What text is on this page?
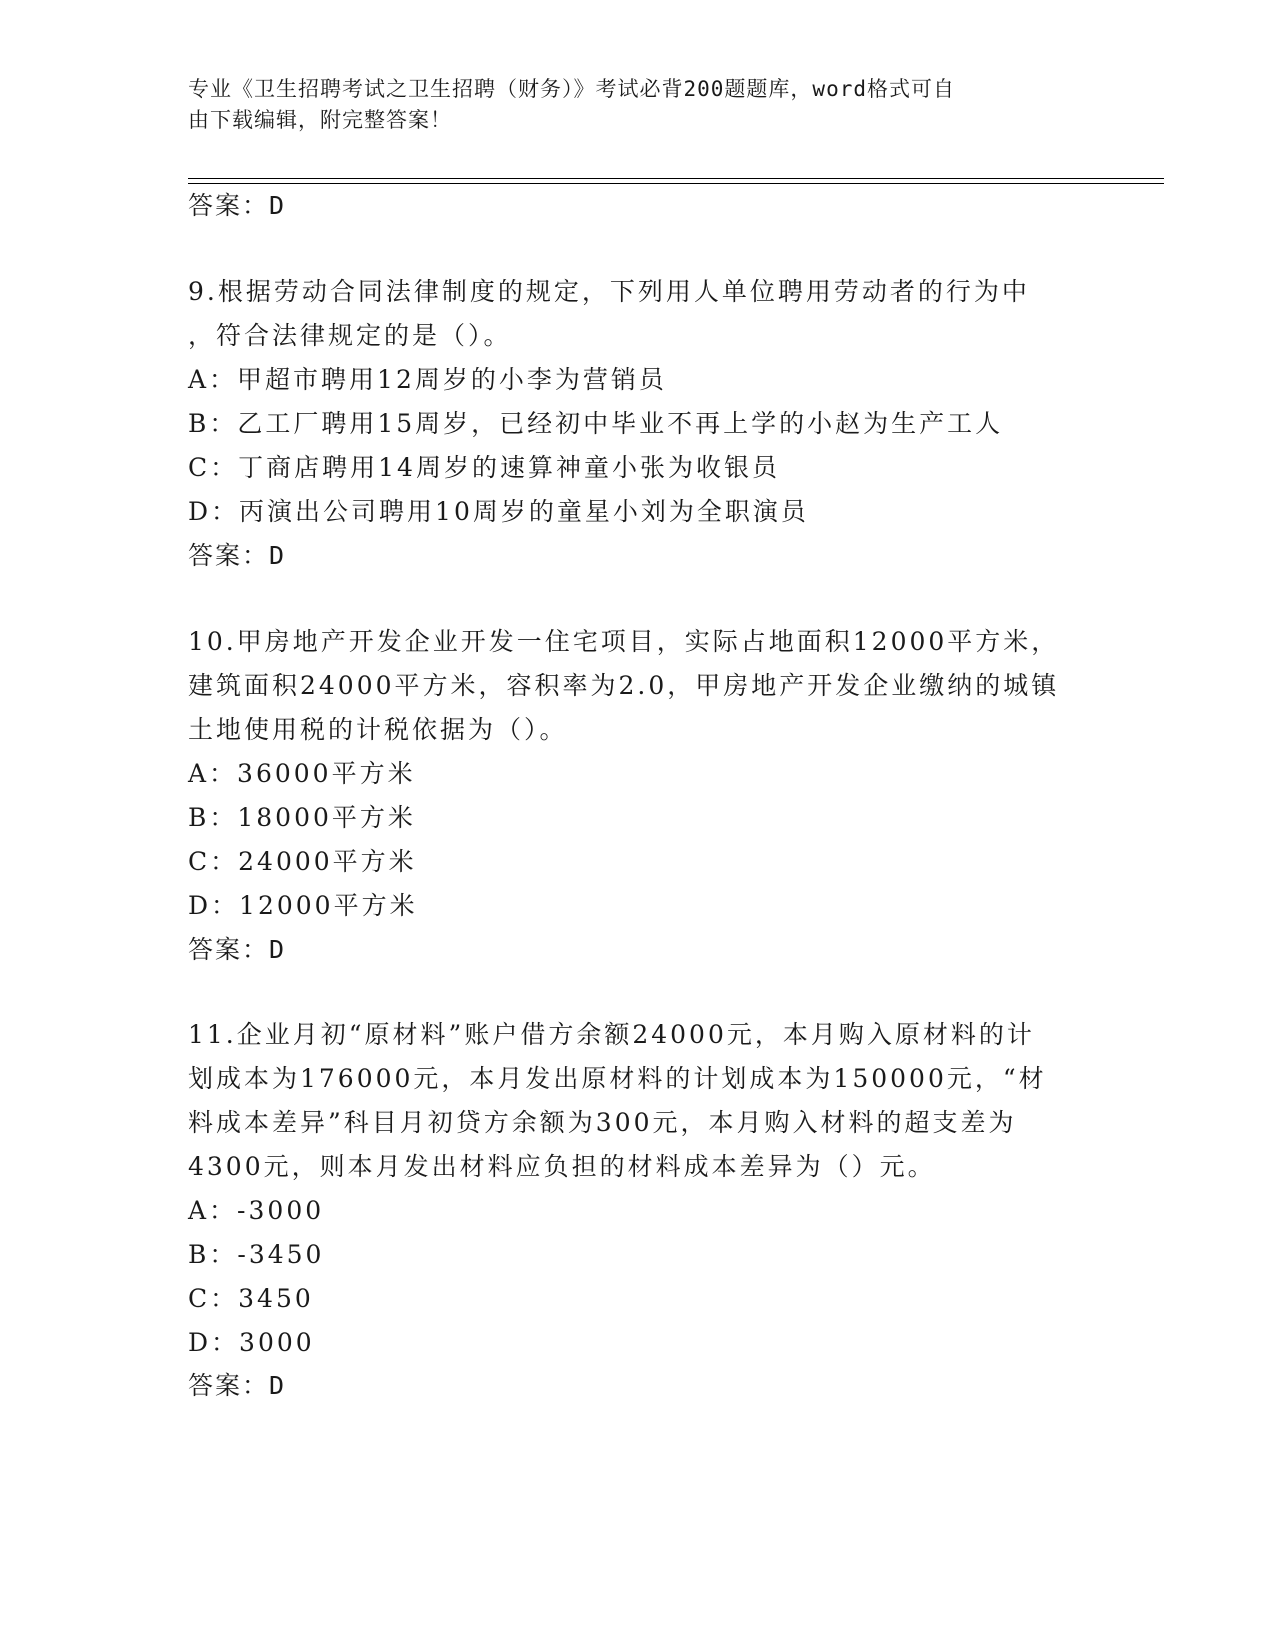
专业《卫生招聘考试之卫生招聘（财务）》考试必背200题题库，word格式可自
由下载编辑，附完整答案！
答案：D
9.根据劳动合同法律制度的规定，下列用人单位聘用劳动者的行为中
，符合法律规定的是（）。
A：甲超市聘用12周岁的小李为营销员
B：乙工厂聘用15周岁，已经初中毕业不再上学的小赵为生产工人
C：丁商店聘用14周岁的速算神童小张为收银员
D：丙演出公司聘用10周岁的童星小刘为全职演员
答案：D
10.甲房地产开发企业开发一住宅项目，实际占地面积12000平方米，
建筑面积24000平方米，容积率为2.0，甲房地产开发企业缴纳的城镇
土地使用税的计税依据为（）。
A：36000平方米
B：18000平方米
C：24000平方米
D：12000平方米
答案：D
11.企业月初“原材料”账户借方余额24000元，本月购入原材料的计
划成本为176000元，本月发出原材料的计划成本为150000元，“材
料成本差异”科目月初贷方余额为300元，本月购入材料的超支差为
4300元，则本月发出材料应负担的材料成本差异为（）元。
A：-3000
B：-3450
C：3450
D：3000
答案：D
